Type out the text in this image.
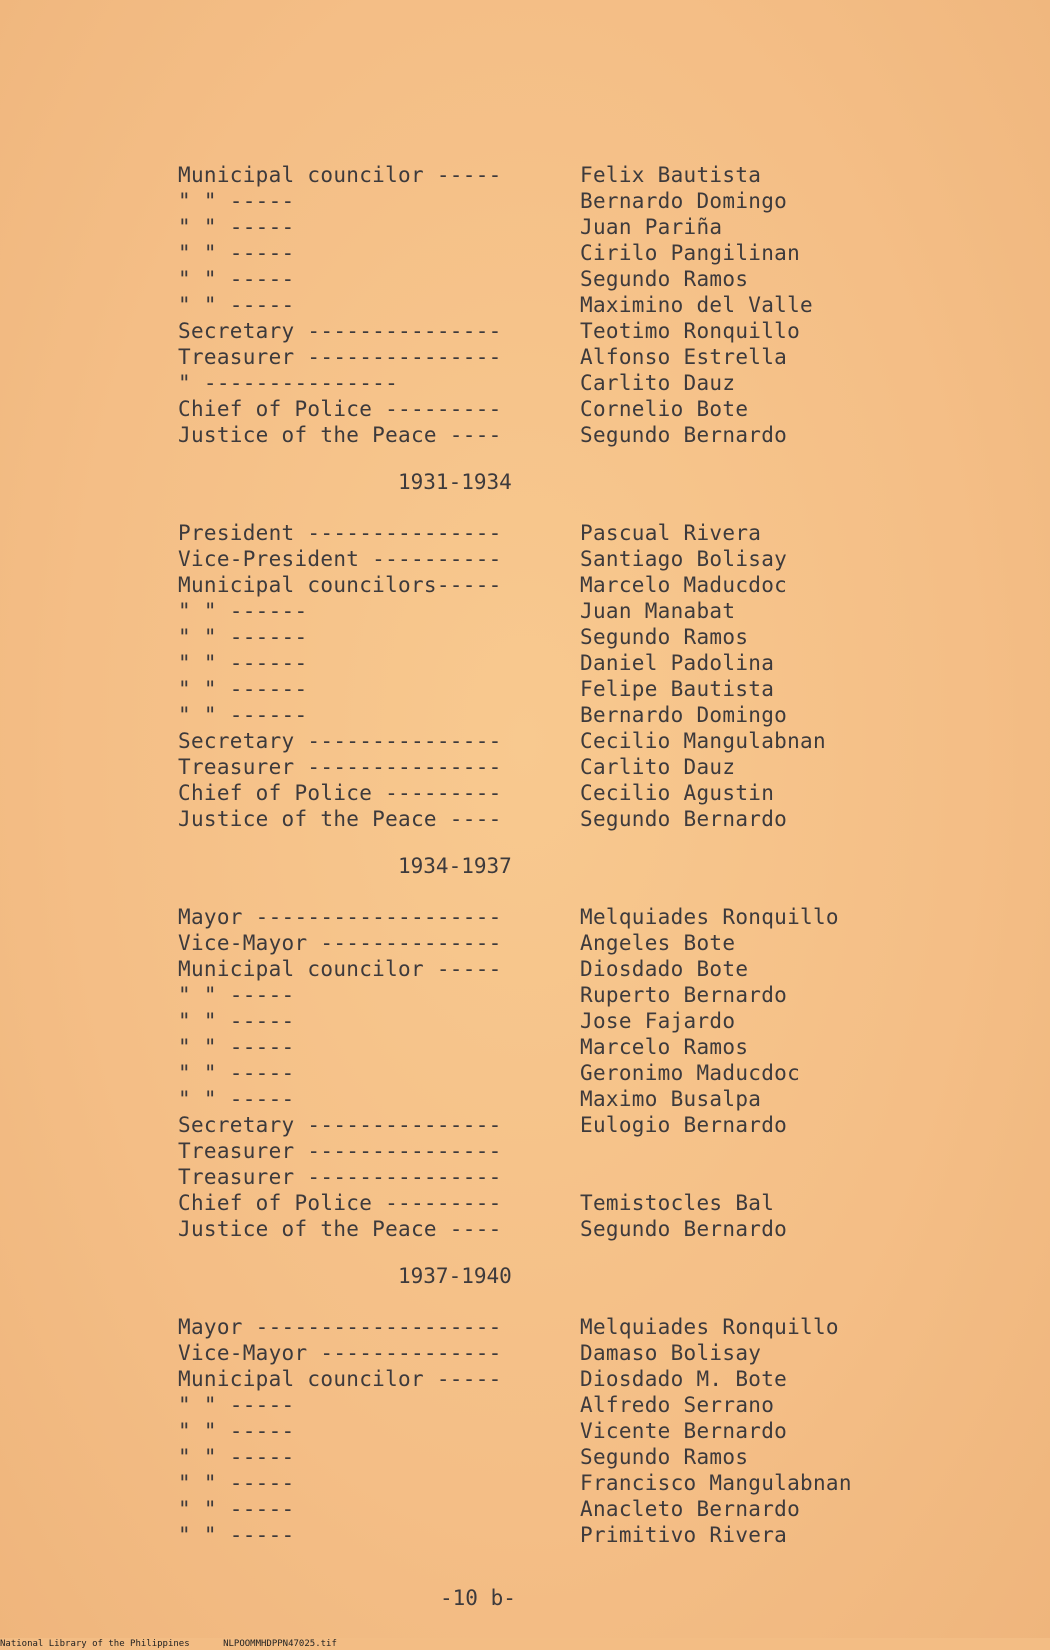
Municipal councilor -----	Felix Bautista
" " -----	Bernardo Domingo
" " -----	Juan Pariña
" " -----	Cirilo Pangilinan
" " -----	Segundo Ramos
" " -----	Maximino del Valle
Secretary ---------------	Teotimo Ronquillo
Treasurer ---------------	Alfonso Estrella
" ---------------	Carlito Dauz
Chief of Police ---------	Cornelio Bote
Justice of the Peace ----	Segundo Bernardo
1931-1934
President ---------------	Pascual Rivera
Vice-President ----------	Santiago Bolisay
Municipal councilors-----	Marcelo Maducdoc
" " ------	Juan Manabat
" " ------	Segundo Ramos
" " ------	Daniel Padolina
" " ------	Felipe Bautista
" " ------	Bernardo Domingo
Secretary ---------------	Cecilio Mangulabnan
Treasurer ---------------	Carlito Dauz
Chief of Police ---------	Cecilio Agustin
Justice of the Peace ----	Segundo Bernardo
1934-1937
Mayor -------------------	Melquiades Ronquillo
Vice-Mayor --------------	Angeles Bote
Municipal councilor -----	Diosdado Bote
" " -----	Ruperto Bernardo
" " -----	Jose Fajardo
" " -----	Marcelo Ramos
" " -----	Geronimo Maducdoc
" " -----	Maximo Busalpa
Secretary ---------------	Eulogio Bernardo
Treasurer ---------------
Treasurer ---------------
Chief of Police ---------	Temistocles Bal
Justice of the Peace ----	Segundo Bernardo
1937-1940
Mayor -------------------	Melquiades Ronquillo
Vice-Mayor --------------	Damaso Bolisay
Municipal councilor -----	Diosdado M. Bote
" " -----	Alfredo Serrano
" " -----	Vicente Bernardo
" " -----	Segundo Ramos
" " -----	Francisco Mangulabnan
" " -----	Anacleto Bernardo
" " -----	Primitivo Rivera
-10 b-
National Library of the Philippines	NLPOOMMHDPPN47025.tif
